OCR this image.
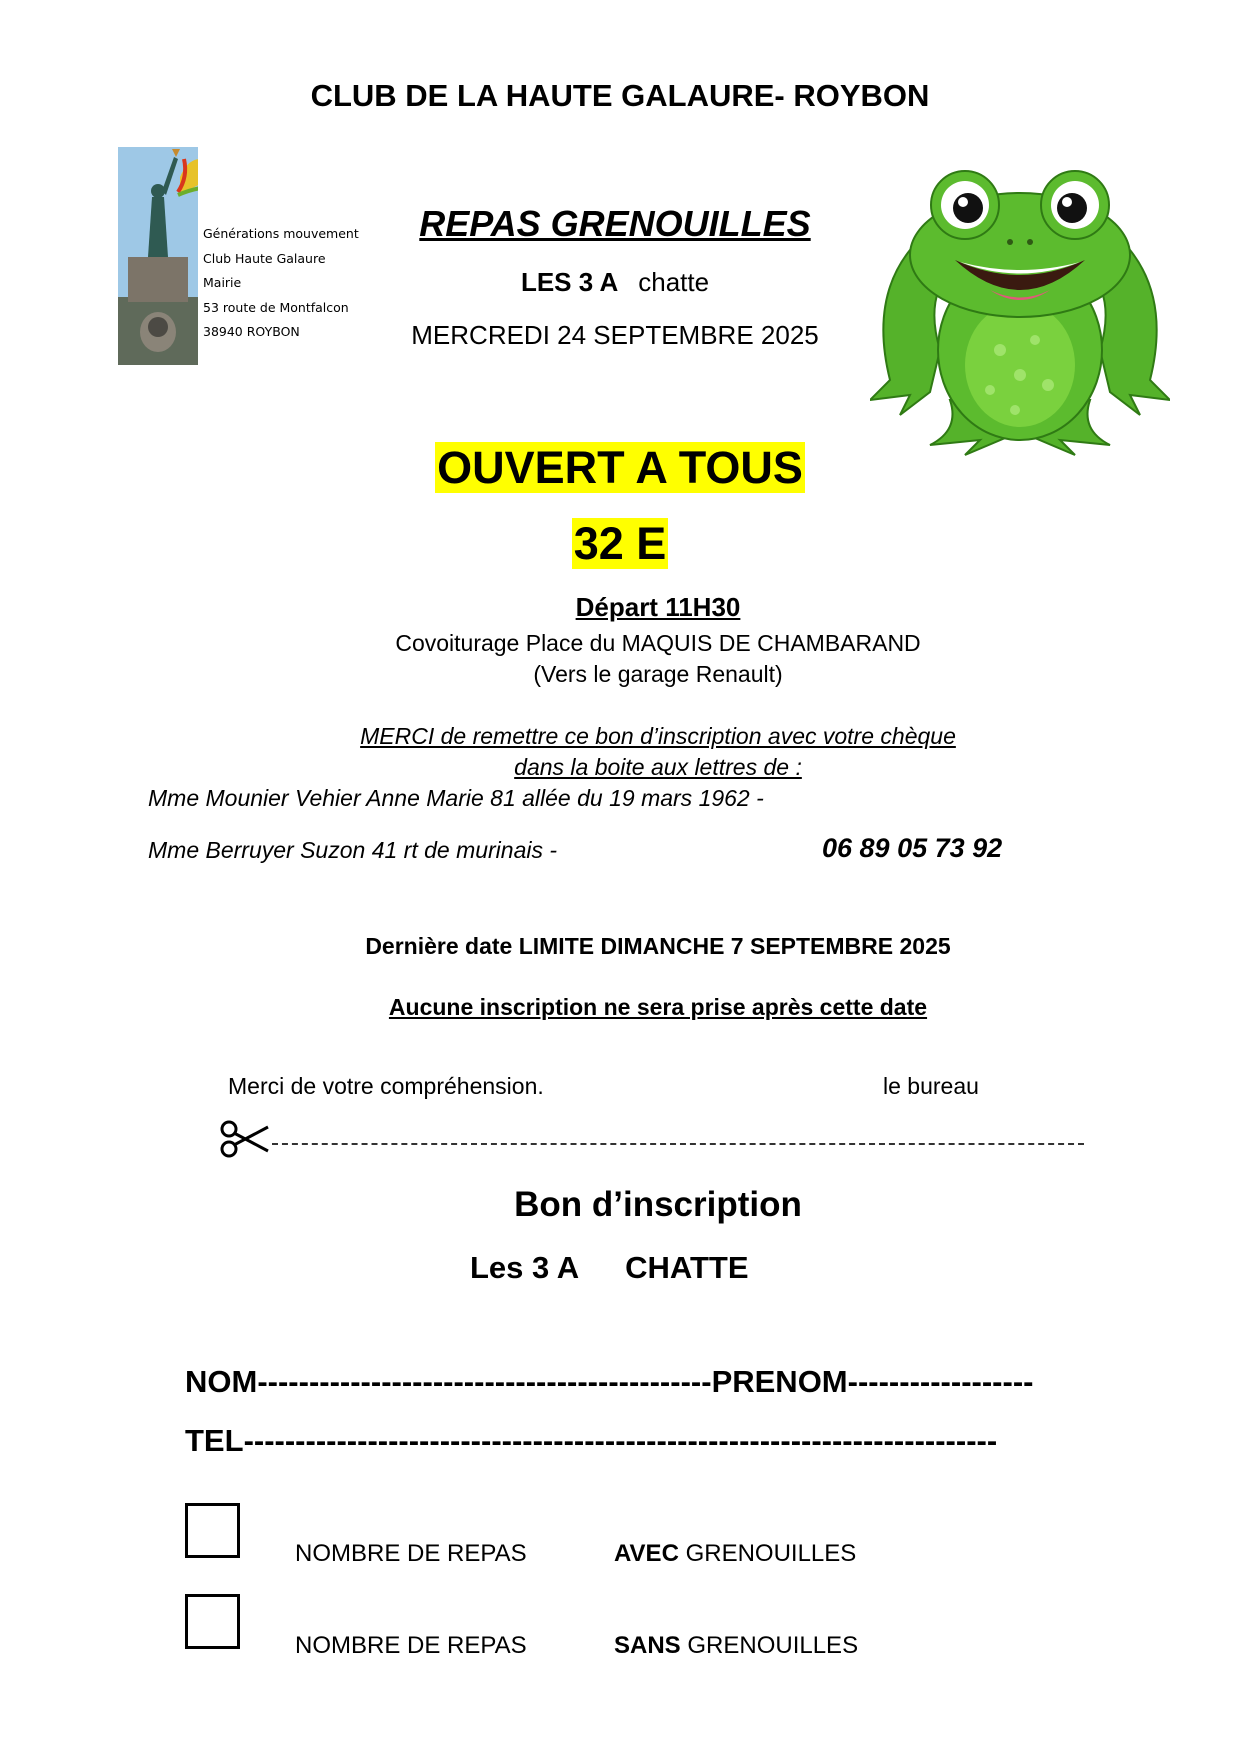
CLUB DE LA HAUTE GALAURE- ROYBON
Générations mouvement
Club Haute Galaure
Mairie
53 route de Montfalcon
38940 ROYBON
REPAS GRENOUILLES
LES 3 A chatte
MERCREDI 24 SEPTEMBRE 2025
OUVERT A TOUS
32 E
Départ 11H30
Covoiturage Place du MAQUIS DE CHAMBARAND
(Vers le garage Renault)
MERCI de remettre ce bon d’inscription avec votre chèque
dans la boite aux lettres de :
Mme Mounier Vehier Anne Marie 81 allée du 19 mars 1962 -
Mme Berruyer Suzon 41 rt de murinais -	06 89 05 73 92
Dernière date LIMITE DIMANCHE 7 SEPTEMBRE 2025
Aucune inscription ne sera prise après cette date
Merci de votre compréhension.	le bureau
Bon d’inscription
Les 3 A CHATTE
NOM--------------------------------------------PRENOM------------------
TEL-------------------------------------------------------------------------
NOMBRE DE REPAS	AVEC GRENOUILLES
NOMBRE DE REPAS	SANS GRENOUILLES
